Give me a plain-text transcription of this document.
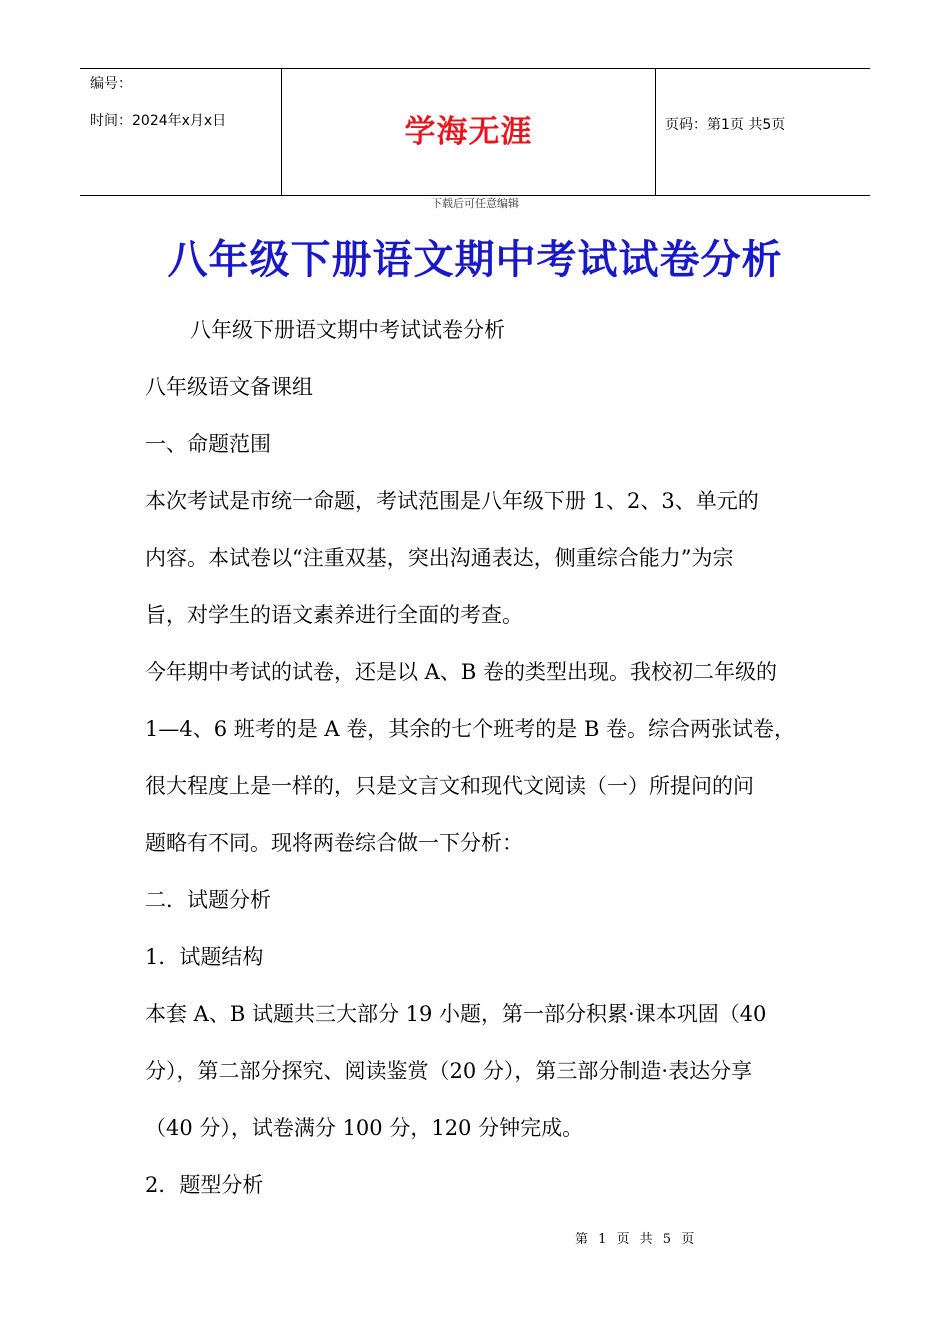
编号：
时间：2024年x月x日	学海无涯	页码：第1页 共5页
下载后可任意编辑
八年级下册语文期中考试试卷分析
八年级下册语文期中考试试卷分析
八年级语文备课组
一、命题范围
本次考试是市统一命题，考试范围是八年级下册 1、2、3、单元的
内容。本试卷以“注重双基，突出沟通表达，侧重综合能力”为宗
旨，对学生的语文素养进行全面的考查。
今年期中考试的试卷，还是以 A、B 卷的类型出现。我校初二年级的
1—4、6 班考的是 A 卷，其余的七个班考的是 B 卷。综合两张试卷，
很大程度上是一样的，只是文言文和现代文阅读（一）所提问的问
题略有不同。现将两卷综合做一下分析：
二．试题分析
1．试题结构
本套 A、B 试题共三大部分 19 小题，第一部分积累·课本巩固（40
分），第二部分探究、阅读鉴赏（20 分），第三部分制造·表达分享
（40 分），试卷满分 100 分，120 分钟完成。
2．题型分析
第 1 页 共 5 页
